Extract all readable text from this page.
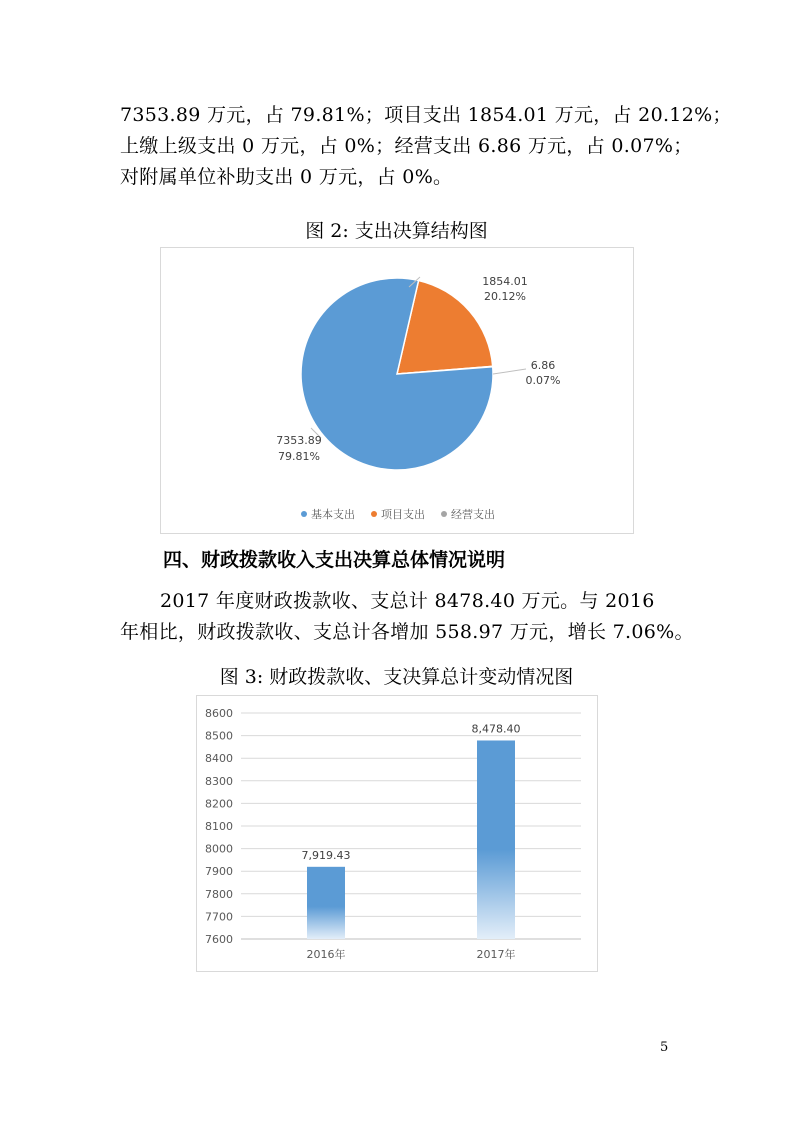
7353.89 万元，占 79.81%；项目支出 1854.01 万元，占 20.12%；
上缴上级支出 0 万元，占 0%；经营支出 6.86 万元，占 0.07%；
对附属单位补助支出 0 万元，占 0%。
图 2: 支出决算结构图
1854.01
20.12%
6.86
0.07%
7353.89
79.81%
基本支出 项目支出 经营支出
四、财政拨款收入支出决算总体情况说明
2017 年度财政拨款收、支总计 8478.40 万元。与 2016
年相比，财政拨款收、支总计各增加 558.97 万元，增长 7.06%。
图 3: 财政拨款收、支决算总计变动情况图
7600
7700
7800
7900
8000
8100
8200
8300
8400
8500
8600
7,919.43
8,478.40
2016年	2017年
5
